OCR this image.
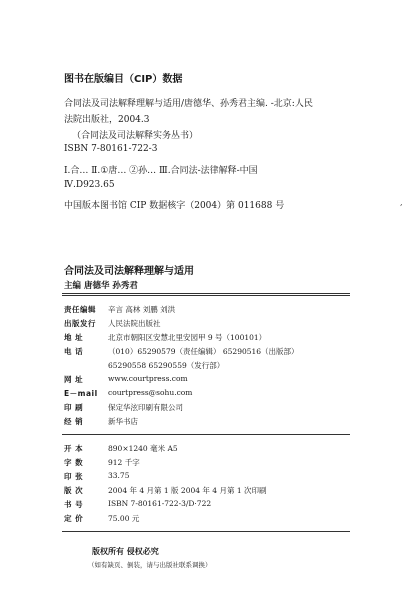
图书在版编目（CIP）数据
合同法及司法解释理解与适用/唐德华、孙秀君主编. -北京:人民
法院出版社，2004.3
（合同法及司法解释实务丛书）
ISBN 7-80161-722-3
Ⅰ.合… Ⅱ.①唐… ②孙… Ⅲ.合同法-法律解释-中国
Ⅳ.D923.65
中国版本图书馆 CIP 数据核字（2004）第 011688 号	,
合同法及司法解释理解与适用
主编 唐德华 孙秀君
责任编辑 辛言 高林 刘鹏 刘洪
出版发行 人民法院出版社
地 址	北京市朝阳区安慧北里安园甲 9 号（100101）
电 话	（010）65290579（责任编辑） 65290516（出版部）
65290558 65290559（发行部）
网 址	www.courtpress.com
E－mail courtpress@sohu.com
印 刷	保定华泫印刷有限公司
经 销	新华书店
开 本	890×1240 毫米 A5
字 数	912 千字
印 张	33.75
版 次	2004 年 4 月第 1 版 2004 年 4 月第 1 次印刷
书 号	ISBN 7-80161-722-3/D·722
定 价	75.00 元
版权所有 侵权必究
（如有缺页、倒装，请与出版社联系调换）
